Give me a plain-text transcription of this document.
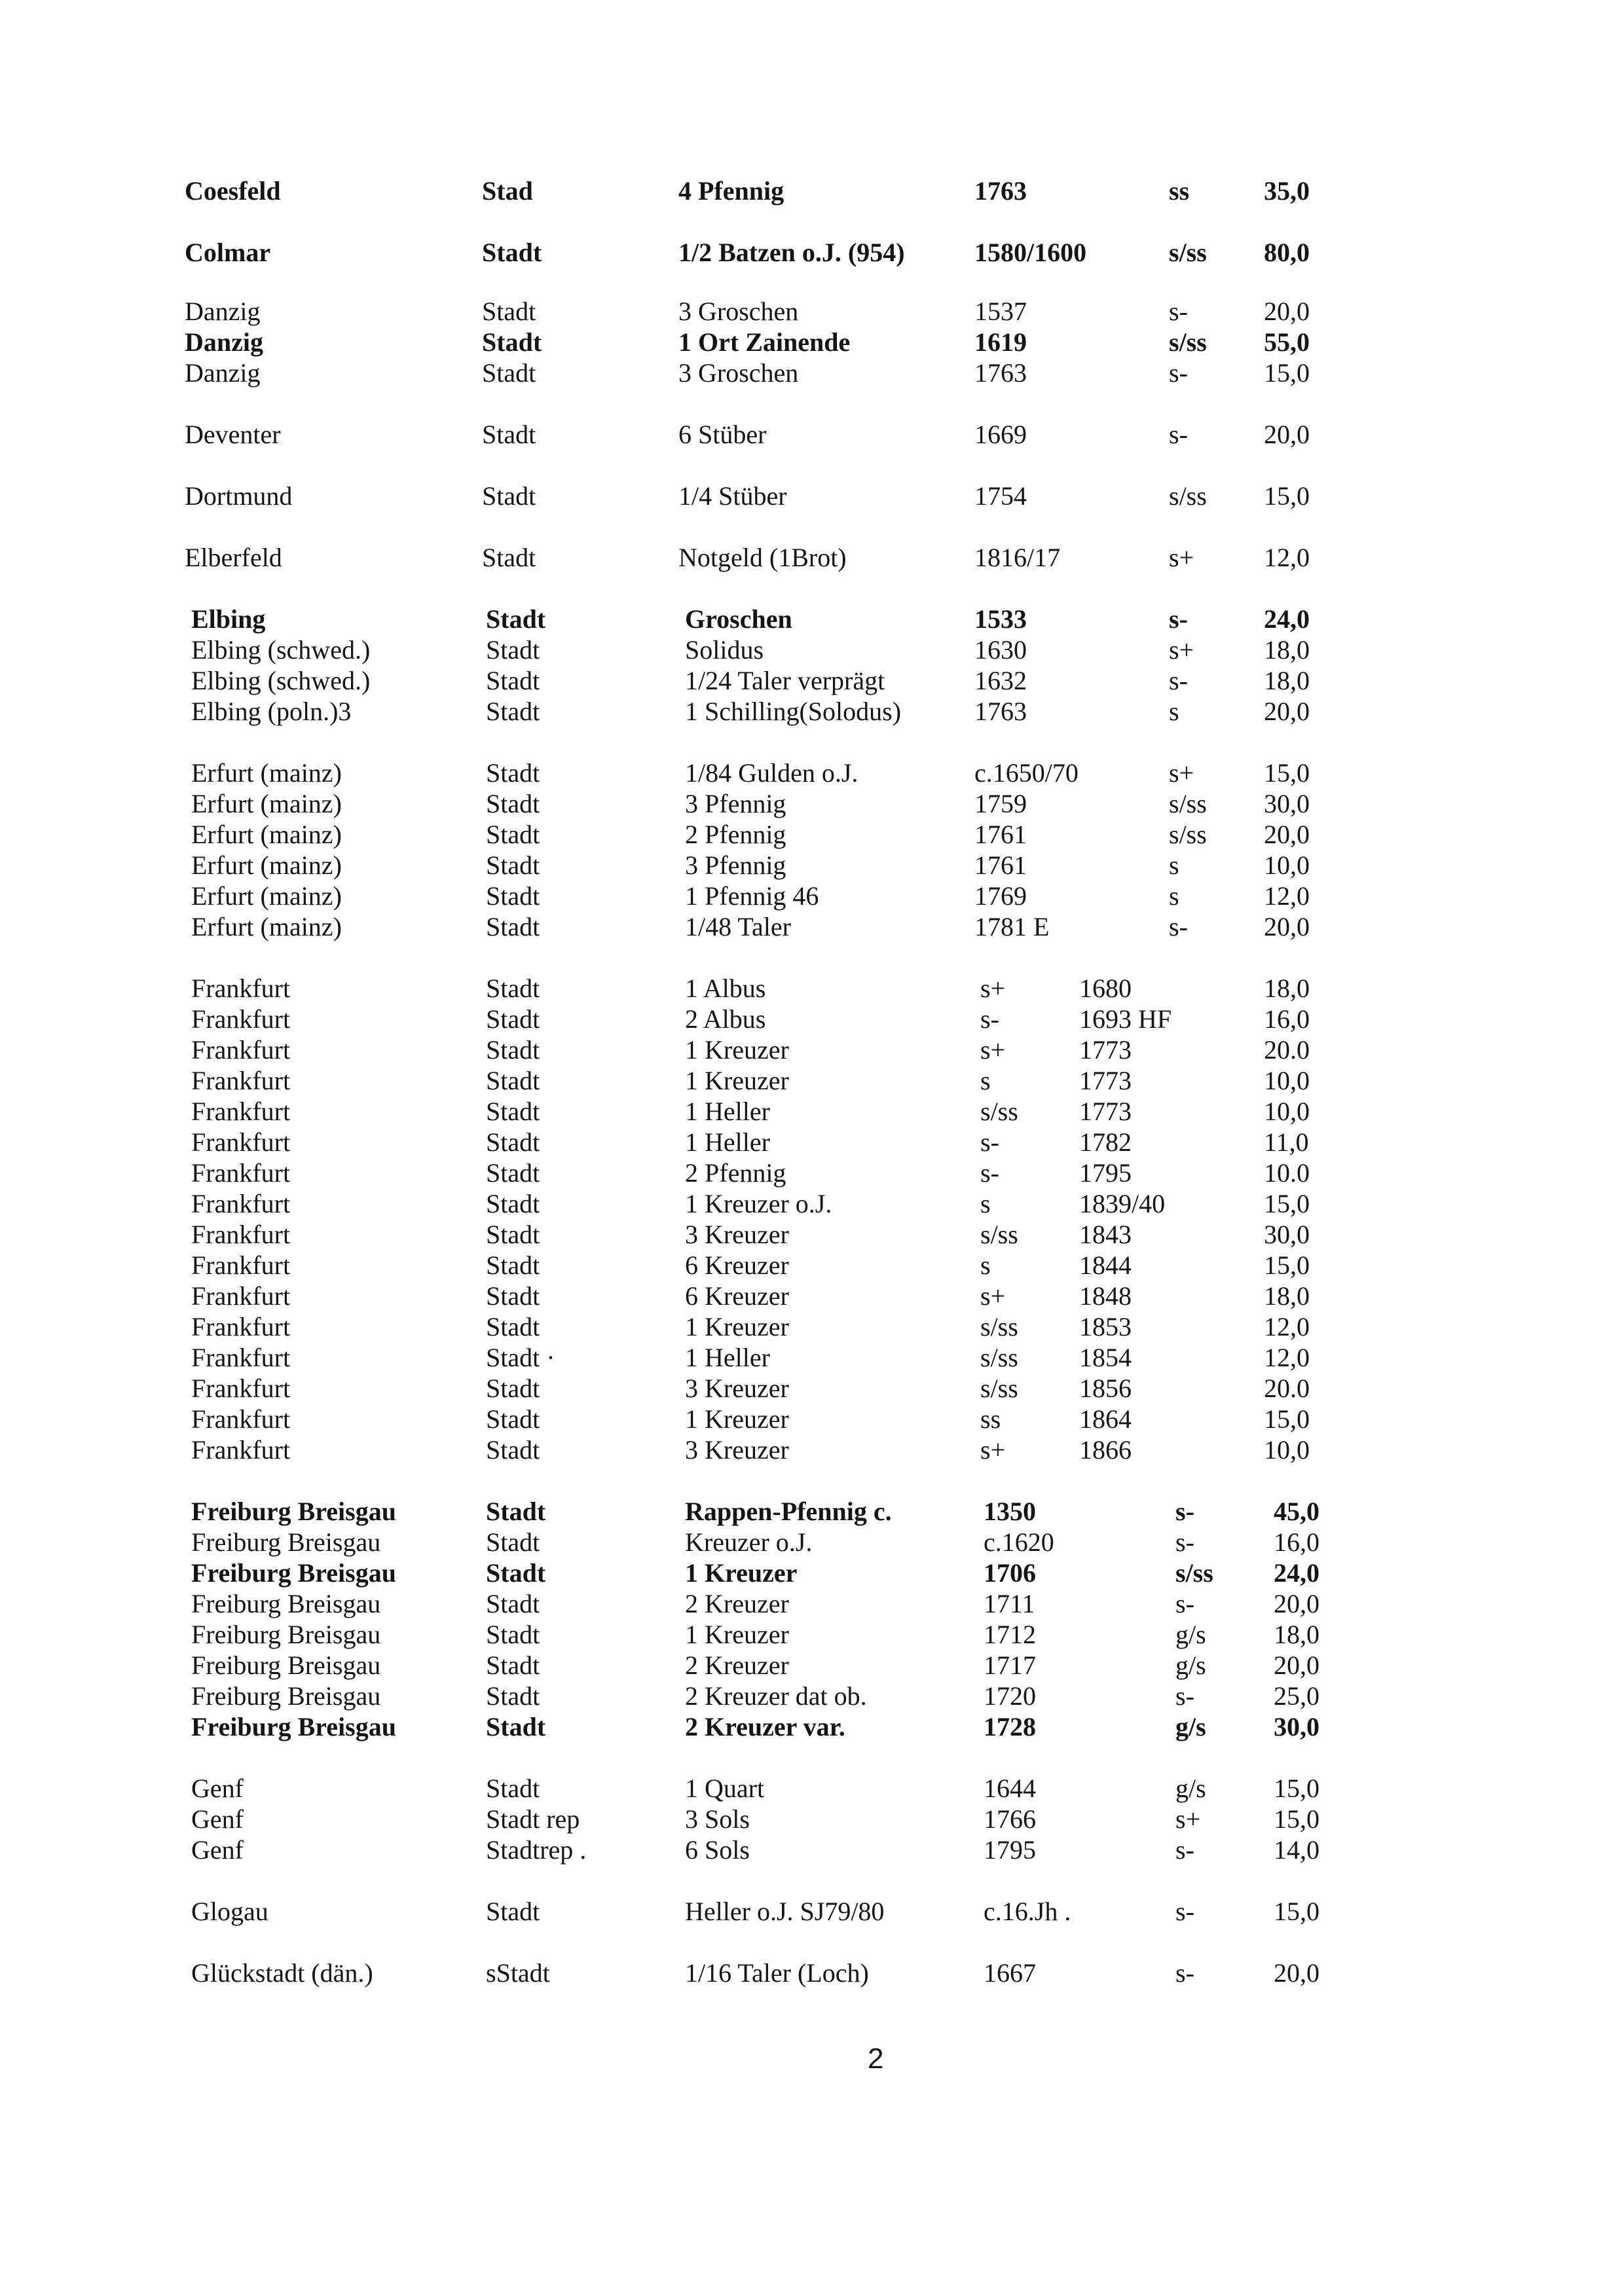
Coesfeld	Stad	4 Pfennig	1763	ss	35,0
Colmar	Stadt	1/2 Batzen o.J. (954)	1580/1600	s/ss 80,0
Danzig	Stadt	3 Groschen	1537	s-	20,0
Danzig	Stadt	1 Ort Zainende	1619	s/ss 55,0
Danzig	Stadt	3 Groschen	1763	s-	15,0
Deventer	Stadt	6 Stüber	1669	s-	20,0
Dortmund	Stadt	1/4 Stüber	1754	s/ss 15,0
Elberfeld	Stadt	Notgeld (1Brot)	1816/17	s+	12,0
Elbing	Stadt	Groschen	1533	s-	24,0
Elbing (schwed.)	Stadt	Solidus	1630	s+	18,0
Elbing (schwed.)	Stadt	1/24 Taler verprägt	1632	s-	18,0
Elbing (poln.)3	Stadt	1 Schilling(Solodus)	1763	s	20,0
Erfurt (mainz)	Stadt	1/84 Gulden o.J.	c.1650/70	s+	15,0
Erfurt (mainz)	Stadt	3 Pfennig	1759	s/ss 30,0
Erfurt (mainz)	Stadt	2 Pfennig	1761	s/ss 20,0
Erfurt (mainz)	Stadt	3 Pfennig	1761	s	10,0
Erfurt (mainz)	Stadt	1 Pfennig 46	1769	s	12,0
Erfurt (mainz)	Stadt	1/48 Taler	1781 E	s-	20,0
Frankfurt	Stadt	1 Albus	s+	1680	18,0
Frankfurt	Stadt	2 Albus	s-	1693 HF	16,0
Frankfurt	Stadt	1 Kreuzer	s+	1773	20.0
Frankfurt	Stadt	1 Kreuzer	s	1773	10,0
Frankfurt	Stadt	1 Heller	s/ss 1773	10,0
Frankfurt	Stadt	1 Heller	s-	1782	11,0
Frankfurt	Stadt	2 Pfennig	s-	1795	10.0
Frankfurt	Stadt	1 Kreuzer o.J.	s	1839/40	15,0
Frankfurt	Stadt	3 Kreuzer	s/ss 1843	30,0
Frankfurt	Stadt	6 Kreuzer	s	1844	15,0
Frankfurt	Stadt	6 Kreuzer	s+	1848	18,0
Frankfurt	Stadt	1 Kreuzer	s/ss 1853	12,0
Frankfurt	Stadt ·	1 Heller	s/ss 1854	12,0
Frankfurt	Stadt	3 Kreuzer	s/ss 1856	20.0
Frankfurt	Stadt	1 Kreuzer	ss	1864	15,0
Frankfurt	Stadt	3 Kreuzer	s+	1866	10,0
Freiburg Breisgau	Stadt	Rappen-Pfennig c.	1350	s-	45,0
Freiburg Breisgau	Stadt	Kreuzer o.J.	c.1620	s-	16,0
Freiburg Breisgau	Stadt	1 Kreuzer	1706	s/ss 24,0
Freiburg Breisgau	Stadt	2 Kreuzer	1711	s-	20,0
Freiburg Breisgau	Stadt	1 Kreuzer	1712	g/s	18,0
Freiburg Breisgau	Stadt	2 Kreuzer	1717	g/s	20,0
Freiburg Breisgau	Stadt	2 Kreuzer dat ob.	1720	s-	25,0
Freiburg Breisgau	Stadt	2 Kreuzer var.	1728	g/s	30,0
Genf	Stadt	1 Quart	1644	g/s	15,0
Genf	Stadt rep	3 Sols	1766	s+	15,0
Genf	Stadtrep .	6 Sols	1795	s-	14,0
Glogau	Stadt	Heller o.J. SJ79/80	c.16.Jh .	s-	15,0
Glückstadt (dän.)	sStadt	1/16 Taler (Loch)	1667	s-	20,0
2
